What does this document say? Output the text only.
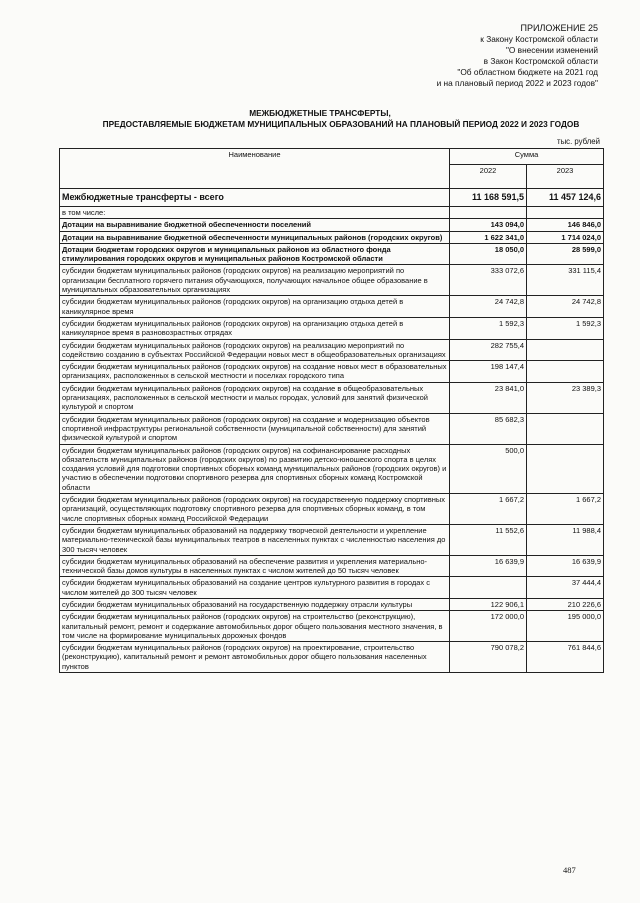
ПРИЛОЖЕНИЕ 25
к Закону Костромской области
"О внесении изменений
в Закон Костромской области
"Об областном бюджете на 2021 год
и на плановый период 2022 и 2023 годов"
МЕЖБЮДЖЕТНЫЕ ТРАНСФЕРТЫ,
ПРЕДОСТАВЛЯЕМЫЕ БЮДЖЕТАМ МУНИЦИПАЛЬНЫХ ОБРАЗОВАНИЙ НА ПЛАНОВЫЙ ПЕРИОД 2022 И 2023 ГОДОВ
тыс. рублей
Наименование	Сумма	
	2022	2023
Межбюджетные трансферты - всего	11 168 591,5	11 457 124,6
в том числе:		
Дотации на выравнивание бюджетной обеспеченности поселений	143 094,0	146 846,0
Дотации на выравнивание бюджетной обеспеченности муниципальных районов (городских округов)	1 622 341,0	1 714 024,0
Дотации бюджетам городских округов и муниципальных районов из областного фонда стимулирования городских округов и муниципальных районов Костромской области	18 050,0	28 599,0
субсидии бюджетам муниципальных районов (городских округов) на реализацию мероприятий по организации бесплатного горячего питания обучающихся, получающих начальное общее образование в муниципальных образовательных организациях	333 072,6	331 115,4
субсидии бюджетам муниципальных районов (городских округов) на организацию отдыха детей в каникулярное время	24 742,8	24 742,8
субсидии бюджетам муниципальных районов (городских округов) на организацию отдыха детей в каникулярное время в разновозрастных отрядах	1 592,3	1 592,3
субсидии бюджетам муниципальных районов (городских округов) на реализацию мероприятий по содействию созданию в субъектах Российской Федерации новых мест в общеобразовательных организациях	282 755,4	
субсидии бюджетам муниципальных районов (городских округов) на создание новых мест в образовательных организациях, расположенных в сельской местности и поселках городского типа	198 147,4	
субсидии бюджетам муниципальных районов (городских округов) на создание в общеобразовательных организациях, расположенных в сельской местности и малых городах, условий для занятий физической культурой и спортом	23 841,0	23 389,3
субсидии бюджетам муниципальных районов (городских округов) на создание и модернизацию объектов спортивной инфраструктуры региональной собственности (муниципальной собственности) для занятий физической культурой и спортом	85 682,3	
субсидии бюджетам муниципальных районов (городских округов) на софинансирование расходных обязательств муниципальных районов (городских округов) по развитию детско-юношеского спорта в целях создания условий для подготовки спортивных сборных команд муниципальных районов (городских округов) и участию в обеспечении подготовки спортивного резерва для спортивных сборных команд Костромской области	500,0	
субсидии бюджетам муниципальных районов (городских округов) на государственную поддержку спортивных организаций, осуществляющих подготовку спортивного резерва для спортивных сборных команд, в том числе спортивных сборных команд Российской Федерации	1 667,2	1 667,2
субсидии бюджетам муниципальных образований на поддержку творческой деятельности и укрепление материально-технической базы муниципальных театров в населенных пунктах с численностью населения до 300 тысяч человек	11 552,6	11 988,4
субсидии бюджетам муниципальных образований на обеспечение развития и укрепления материально-технической базы домов культуры в населенных пунктах с числом жителей до 50 тысяч человек	16 639,9	16 639,9
субсидии бюджетам муниципальных образований на создание центров культурного развития в городах с числом жителей до 300 тысяч человек		37 444,4
субсидии бюджетам муниципальных образований на государственную поддержку отрасли культуры	122 906,1	210 226,6
субсидии бюджетам муниципальных районов (городских округов) на строительство (реконструкцию), капитальный ремонт, ремонт и содержание автомобильных дорог общего пользования местного значения, в том числе на формирование муниципальных дорожных фондов	172 000,0	195 000,0
субсидии бюджетам муниципальных районов (городских округов) на проектирование, строительство (реконструкцию), капитальный ремонт и ремонт автомобильных дорог общего пользования населенных пунктов	790 078,2	761 844,6
487
